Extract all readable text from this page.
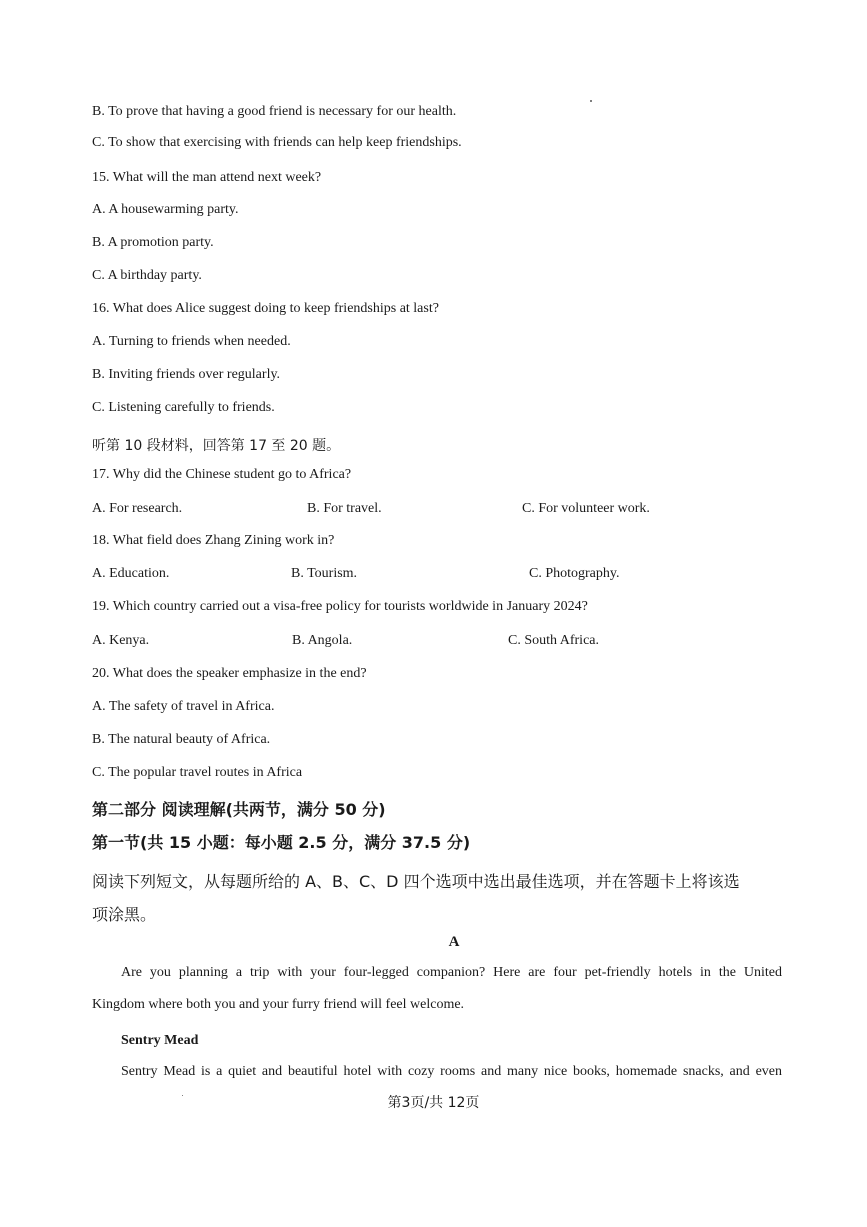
B. To prove that having a good friend is necessary for our health.
C. To show that exercising with friends can help keep friendships.
15. What will the man attend next week?
A. A housewarming party.
B. A promotion party.
C. A birthday party.
16. What does Alice suggest doing to keep friendships at last?
A. Turning to friends when needed.
B. Inviting friends over regularly.
C. Listening carefully to friends.
听第 10 段材料，回答第 17 至 20 题。
17. Why did the Chinese student go to Africa?
A. For research.	B. For travel.	C. For volunteer work.
18. What field does Zhang Zining work in?
A. Education.	B. Tourism.	C. Photography.
19. Which country carried out a visa-free policy for tourists worldwide in January 2024?
A. Kenya.	B. Angola.	C. South Africa.
20. What does the speaker emphasize in the end?
A. The safety of travel in Africa.
B. The natural beauty of Africa.
C. The popular travel routes in Africa
第二部分 阅读理解(共两节，满分 50 分)
第一节(共 15 小题：每小题 2.5 分，满分 37.5 分)
阅读下列短文，从每题所给的 A、B、C、D 四个选项中选出最佳选项，并在答题卡上将该选
项涂黑。
A
Are you planning a trip with your four-legged companion? Here are four pet-friendly hotels in the United
Kingdom where both you and your furry friend will feel welcome.
Sentry Mead
Sentry Mead is a quiet and beautiful hotel with cozy rooms and many nice books, homemade snacks, and even
第3页/共 12页
